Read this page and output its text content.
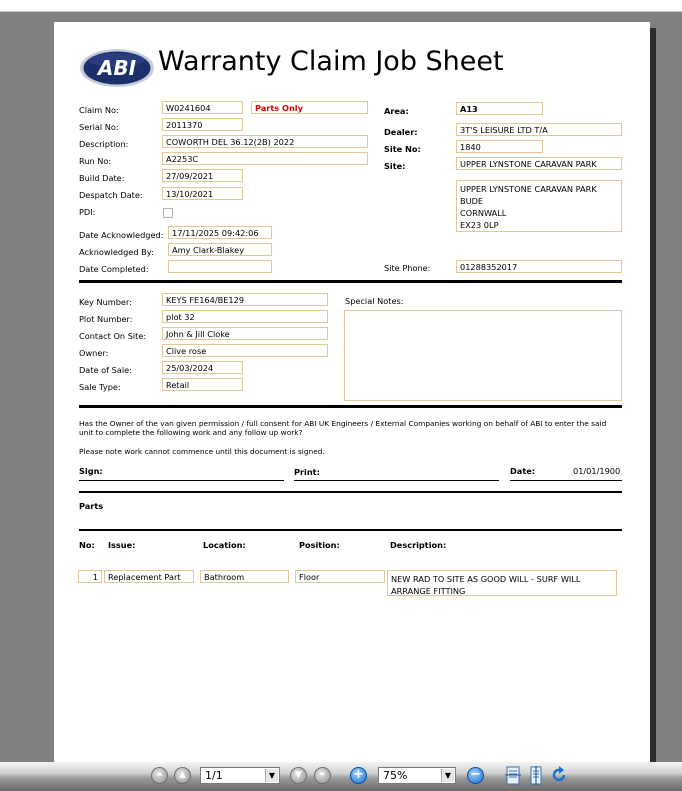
ABI Warranty Claim Job Sheet
Claim No:	W0241604	Parts Only
Serial No:	2011370
Description:	COWORTH DEL 36.12(2B) 2022
Run No:	A2253C
Build Date:	27/09/2021
Despatch Date:	13/10/2021
PDI:
Date Acknowledged:	17/11/2025 09:42:06
Acknowledged By:	Amy Clark-Blakey
Date Completed:
Area:	A13
Dealer:	3T'S LEISURE LTD T/A
Site No:	1840
Site:	UPPER LYNSTONE CARAVAN PARK
UPPER LYNSTONE CARAVAN PARK
BUDE
CORNWALL
EX23 0LP
Site Phone:	01288352017
Key Number:	KEYS FE164/BE129
Plot Number:	plot 32
Contact On Site:	John & Jill Cloke
Owner:	Clive rose
Date of Sale:	25/03/2024
Sale Type:	Retail
Special Notes:
Has the Owner of the van given permission / full consent for ABI UK Engineers / External Companies working on behalf of ABI to enter the said unit to complete the following work and any follow up work?
Please note work cannot commence until this document is signed.
Sign:	Print:	Date:	01/01/1900
Parts
No: Issue:	Location:	Position:	Description:
1	Replacement Part	Bathroom	Floor	NEW RAD TO SITE AS GOOD WILL - SURF WILL ARRANGE FITTING
⏶	▲	1/1	▼	▼	⏷	+	75%	▼ −
